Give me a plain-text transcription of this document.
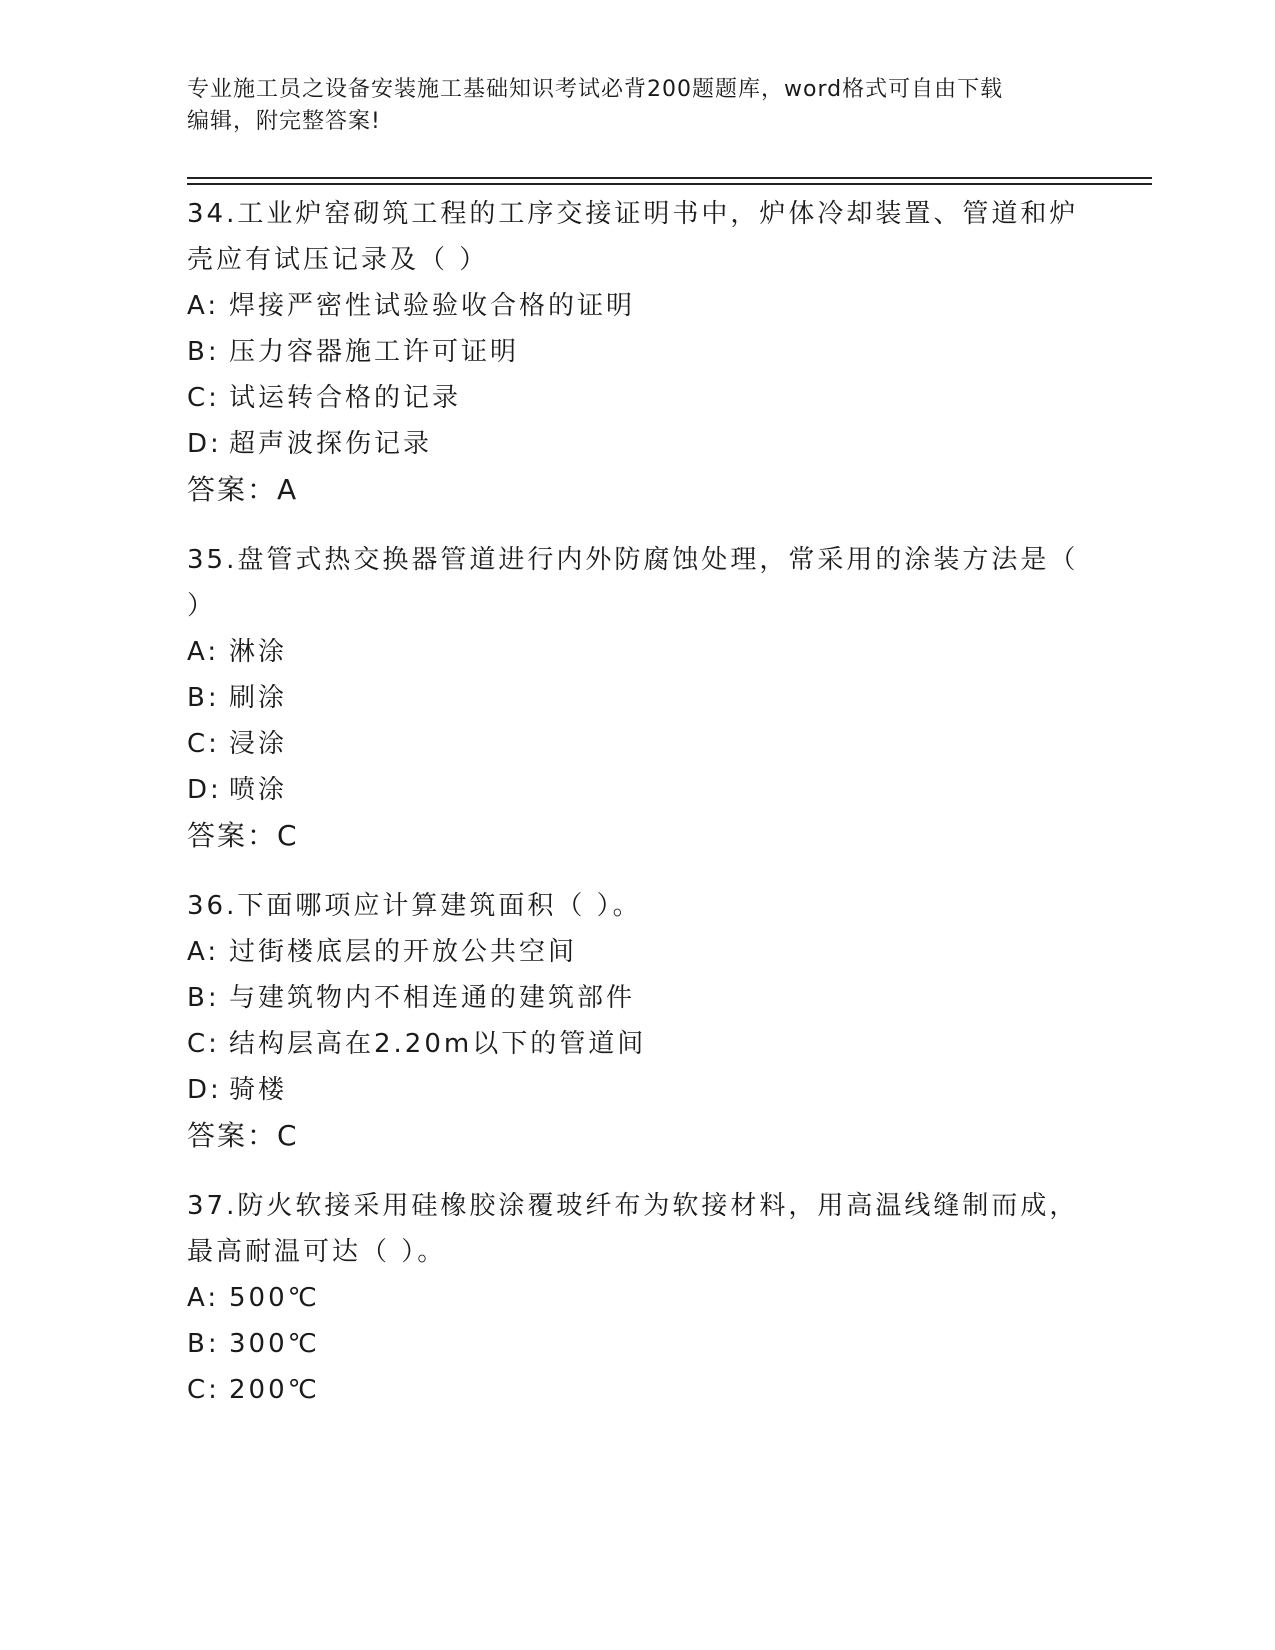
专业施工员之设备安装施工基础知识考试必背200题题库，word格式可自由下载
编辑，附完整答案!

34.工业炉窑砌筑工程的工序交接证明书中，炉体冷却装置、管道和炉

壳应有试压记录及（ ）

A: 焊接严密性试验验收合格的证明

B: 压力容器施工许可证明

C: 试运转合格的记录

D: 超声波探伤记录

答案：A

35.盘管式热交换器管道进行内外防腐蚀处理，常采用的涂装方法是（

）

A: 淋涂

B: 刷涂

C: 浸涂

D: 喷涂

答案：C

36.下面哪项应计算建筑面积（ ）。

A: 过街楼底层的开放公共空间

B: 与建筑物内不相连通的建筑部件

C: 结构层高在2.20m以下的管道间

D: 骑楼

答案：C

37.防火软接采用硅橡胶涂覆玻纤布为软接材料，用高温线缝制而成，

最高耐温可达（ ）。

A: 500℃

B: 300℃

C: 200℃
